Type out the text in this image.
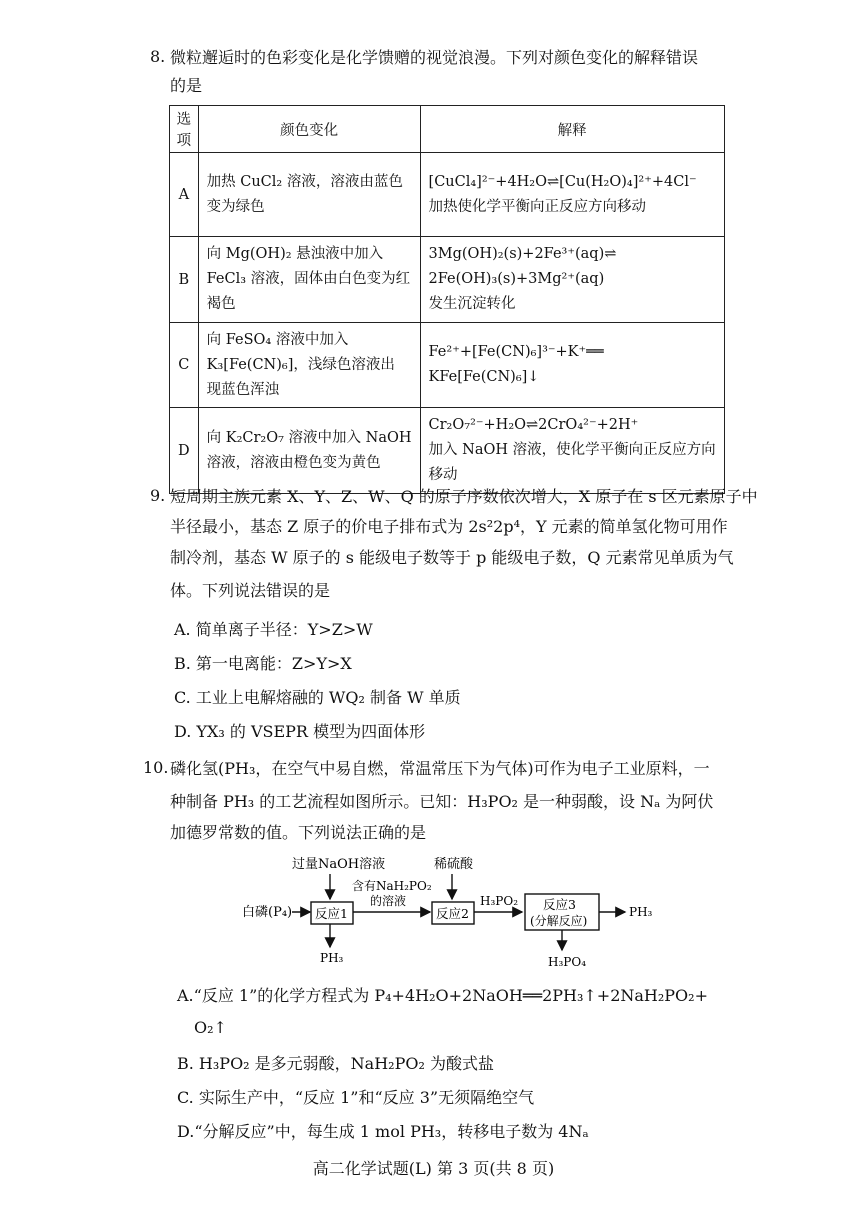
8. 微粒邂逅时的色彩变化是化学馈赠的视觉浪漫。下列对颜色变化的解释错误
的是
选项	颜色变化	解释
A	加热 CuCl₂ 溶液，溶液由蓝色
变为绿色	[CuCl₄]²⁻+4H₂O⇌[Cu(H₂O)₄]²⁺+4Cl⁻
加热使化学平衡向正反应方向移动

B	向 Mg(OH)₂ 悬浊液中加入
FeCl₃ 溶液，固体由白色变为红
褐色	3Mg(OH)₂(s)+2Fe³⁺(aq)⇌
2Fe(OH)₃(s)+3Mg²⁺(aq)
发生沉淀转化

C	向 FeSO₄ 溶液中加入
K₃[Fe(CN)₆]，浅绿色溶液出
现蓝色浑浊	Fe²⁺+[Fe(CN)₆]³⁻+K⁺══
KFe[Fe(CN)₆]↓

D	向 K₂Cr₂O₇ 溶液中加入 NaOH
溶液，溶液由橙色变为黄色	Cr₂O₇²⁻+H₂O⇌2CrO₄²⁻+2H⁺
加入 NaOH 溶液，使化学平衡向正反应方向
移动
9. 短周期主族元素 X、Y、Z、W、Q 的原子序数依次增大，X 原子在 s 区元素原子中
半径最小，基态 Z 原子的价电子排布式为 2s²2p⁴，Y 元素的简单氢化物可用作
制冷剂，基态 W 原子的 s 能级电子数等于 p 能级电子数，Q 元素常见单质为气
体。下列说法错误的是
A. 简单离子半径：Y>Z>W
B. 第一电离能：Z>Y>X
C. 工业上电解熔融的 WQ₂ 制备 W 单质
D. YX₃ 的 VSEPR 模型为四面体形
10. 磷化氢(PH₃，在空气中易自燃，常温常压下为气体)可作为电子工业原料，一
种制备 PH₃ 的工艺流程如图所示。已知：H₃PO₂ 是一种弱酸，设 Nₐ 为阿伏
加德罗常数的值。下列说法正确的是
白磷(P₄)
过量NaOH溶液
反应1
PH₃
含有NaH₂PO₂
的溶液
稀硫酸
反应2
H₃PO₂ 反应3
(分解反应)
PH₃
H₃PO₄
A.“反应 1”的化学方程式为 P₄+4H₂O+2NaOH══2PH₃↑+2NaH₂PO₂+
O₂↑
B. H₃PO₂ 是多元弱酸，NaH₂PO₂ 为酸式盐
C. 实际生产中，“反应 1”和“反应 3”无须隔绝空气
D.“分解反应”中，每生成 1 mol PH₃，转移电子数为 4Nₐ
高二化学试题(L) 第 3 页(共 8 页)
